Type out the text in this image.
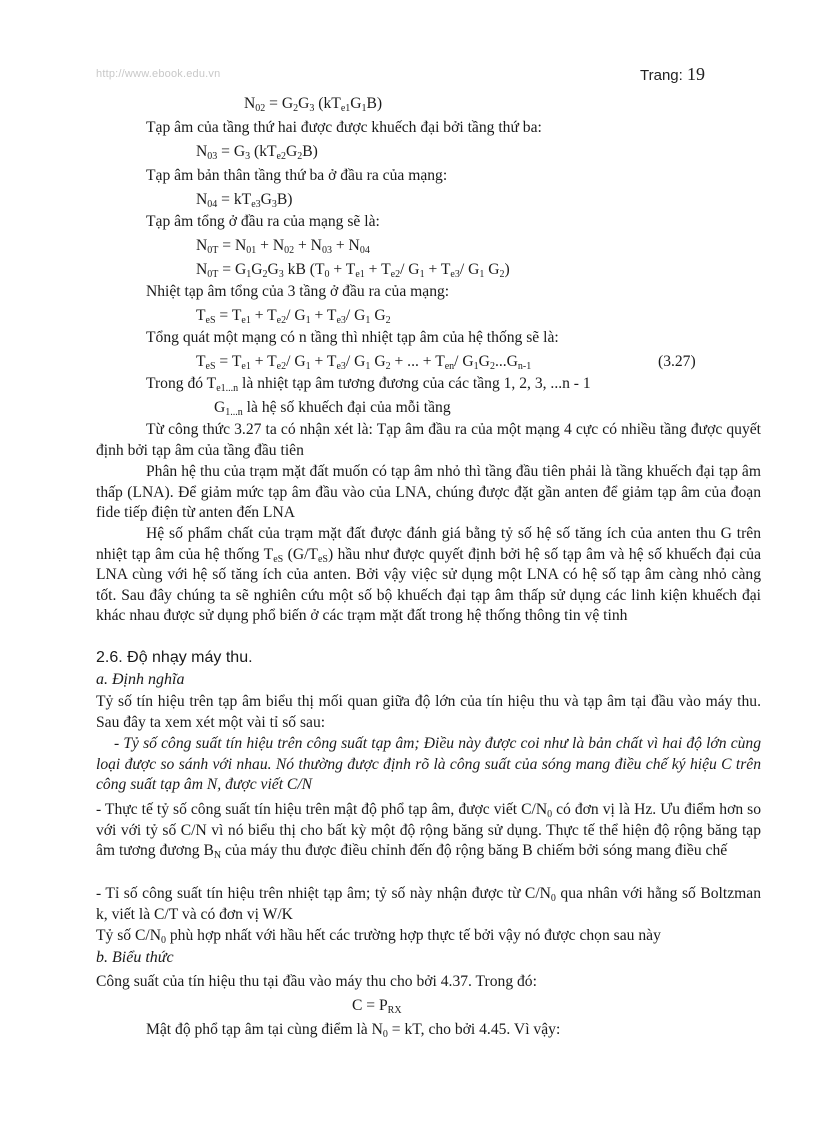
http://www.ebook.edu.vn	Trang: 19
$N_{02} = G_2G_3$ $(kT_{e1}G_1B)$
Tạp âm của tầng thứ hai được được khuếch đại bởi tầng thứ ba:
$N_{03} = G_3$ $(kT_{e2}G_2B)$
Tạp âm bản thân tầng thứ ba ở đầu ra của mạng:
$N_{04} = kT_{e3}G_3B$)
Tạp âm tổng ở đầu ra của mạng sẽ là:
$N_{0T} = N_{01} + N_{02} + N_{03} + N_{04}$
$N_{0T} = G_1G_2G_3$ kB ($T_0 + T_{e1} + T_{e2}/$ $G_1 + T_{e3}/$ $G_1$ $G_2$)
Nhiệt tạp âm tổng của 3 tầng ở đầu ra của mạng:
$T_{eS} = T_{e1} + T_{e2}/$ $G_1 + T_{e3}/$ $G_1$ $G_2$
Tổng quát một mạng có n tầng thì nhiệt tạp âm của hệ thống sẽ là:
$T_{eS} = T_{e1} + T_{e2}/$ $G_1 + T_{e3}/$ $G_1$ $G_2$ + ... + $T_{en}/$ $G_1G_2...G_{n-1}$	(3.27)
Trong đó $T_{e1...n}$ là nhiệt tạp âm tương đương của các tầng 1, 2, 3, ...n - 1
$G_{1...n}$ là hệ số khuếch đại của mỗi tầng
Từ công thức 3.27 ta có nhận xét là: Tạp âm đầu ra của một mạng 4 cực có nhiều tầng được quyết định bởi tạp âm của tầng đầu tiên
Phân hệ thu của trạm mặt đất muốn có tạp âm nhỏ thì tầng đầu tiên phải là tầng khuếch đại tạp âm thấp (LNA). Để giảm mức tạp âm đầu vào của LNA, chúng được đặt gần anten để giảm tạp âm của đoạn fide tiếp điện từ anten đến LNA
Hệ số phẩm chất của trạm mặt đất được đánh giá bằng tỷ số hệ số tăng ích của anten thu G trên nhiệt tạp âm của hệ thống $T_{eS}$ $(G/T_{eS})$ hầu như được quyết định bởi hệ số tạp âm và hệ số khuếch đại của LNA cùng với hệ số tăng ích của anten. Bởi vậy việc sử dụng một LNA có hệ số tạp âm càng nhỏ càng tốt. Sau đây chúng ta sẽ nghiên cứu một số bộ khuếch đại tạp âm thấp sử dụng các linh kiện khuếch đại khác nhau được sử dụng phổ biến ở các trạm mặt đất trong hệ thống thông tin vệ tinh
2.6. Độ nhạy máy thu.
a. Định nghĩa
Tỷ số tín hiệu trên tạp âm biểu thị mối quan giữa độ lớn của tín hiệu thu và tạp âm tại đầu vào máy thu. Sau đây ta xem xét một vài tỉ số sau:
- Tỷ số công suất tín hiệu trên công suất tạp âm; Điều này được coi như là bản chất vì hai độ lớn cùng loại được so sánh với nhau. Nó thường được định rõ là công suất của sóng mang điều chế ký hiệu C trên công suất tạp âm N, được viết C/N
- Thực tế tỷ số công suất tín hiệu trên mật độ phổ tạp âm, được viết $C/N_0$ có đơn vị là Hz. Ưu điểm hơn so với với tỷ số C/N vì nó biểu thị cho bất kỳ một độ rộng băng sử dụng. Thực tế thể hiện độ rộng băng tạp âm tương đương $B_N$ của máy thu được điều chỉnh đến độ rộng băng B chiếm bởi sóng mang điều chế
- Tỉ số công suất tín hiệu trên nhiệt tạp âm; tỷ số này nhận được từ $C/N_0$ qua nhân với hằng số Boltzman k, viết là C/T và có đơn vị W/K
Tỷ số $C/N_0$ phù hợp nhất với hầu hết các trường hợp thực tế bởi vậy nó được chọn sau này
b. Biểu thức
Công suất của tín hiệu thu tại đầu vào máy thu cho bởi 4.37. Trong đó:
$C = P_{RX}$
Mật độ phổ tạp âm tại cùng điểm là $N_0$ = kT, cho bởi 4.45. Vì vậy:
